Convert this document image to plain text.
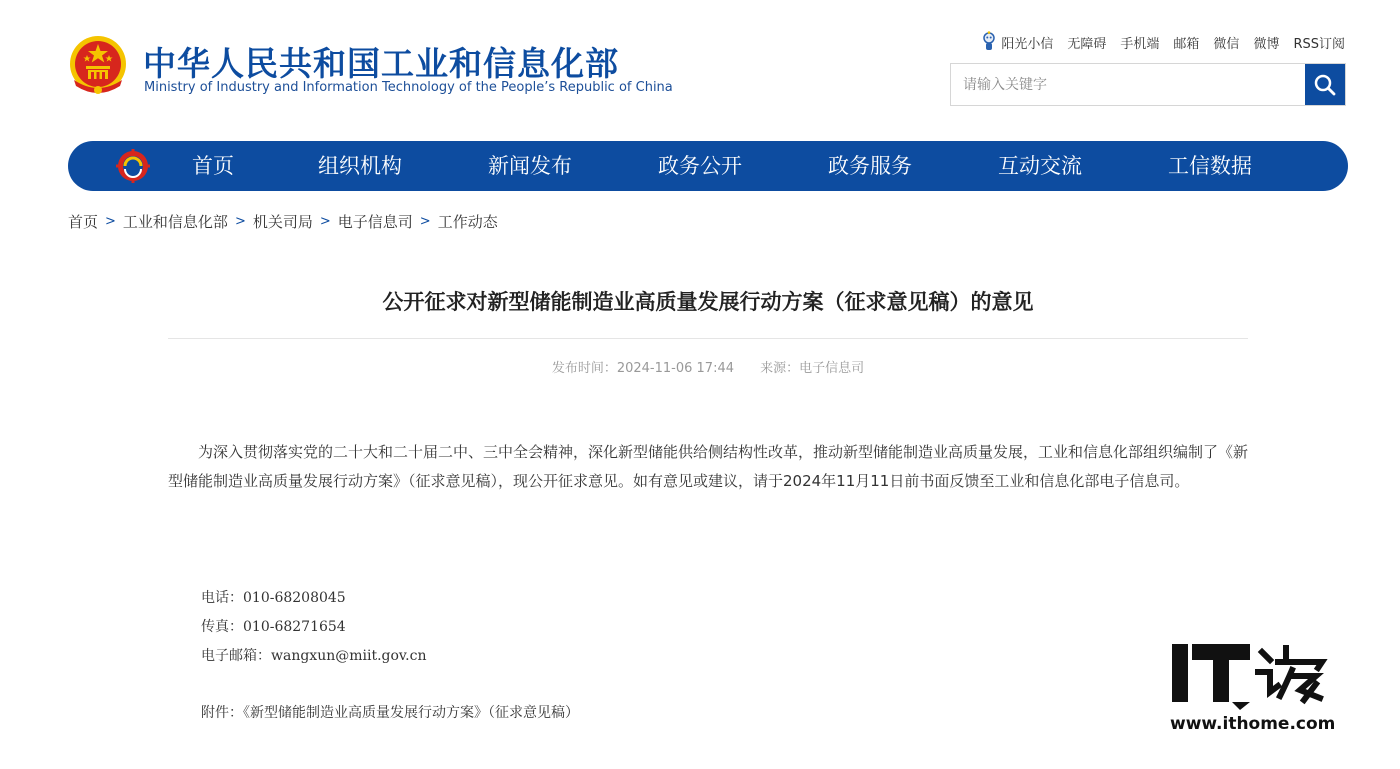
中华人民共和国工业和信息化部
Ministry of Industry and Information Technology of the People’s Republic of China
阳光小信 无障碍 手机端 邮箱 微信 微博 RSS订阅
请输入关键字
首页	组织机构	新闻发布	政务公开	政务服务	互动交流	工信数据
首页 > 工业和信息化部 > 机关司局 > 电子信息司 > 工作动态
公开征求对新型储能制造业高质量发展行动方案（征求意见稿）的意见
发布时间：2024-11-06 17:44 来源：电子信息司

为深入贯彻落实党的二十大和二十届二中、三中全会精神，深化新型储能供给侧结构性改革，推动新型储能制造业高质量发展，工业和信息化部组织编制了《新型储能制造业高质量发展行动方案》（征求意见稿），现公开征求意见。如有意见或建议，请于2024年11月11日前书面反馈至工业和信息化部电子信息司。

电话：010-68208045
传真：010-68271654
电子邮箱：wangxun@miit.gov.cn
附件：《新型储能制造业高质量发展行动方案》（征求意见稿）
www.ithome.com
